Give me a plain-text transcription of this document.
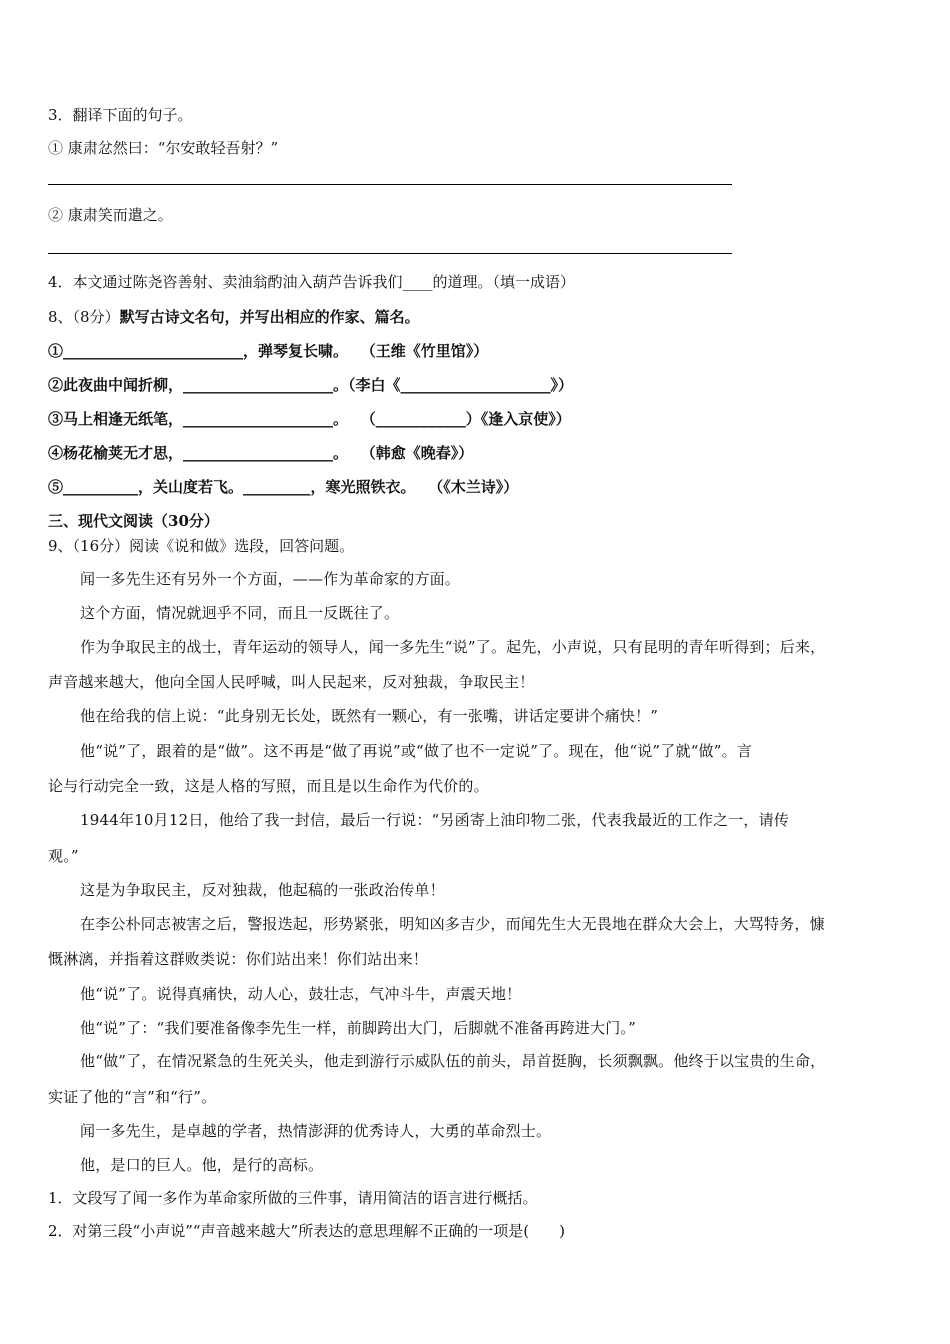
3．翻译下面的句子。
① 康肃忿然曰：“尔安敢轻吾射？”
② 康肃笑而遣之。
4．本文通过陈尧咨善射、卖油翁酌油入葫芦告诉我们____的道理。（填一成语）
8、（8分）默写古诗文名句，并写出相应的作家、篇名。
①________________________，弹琴复长啸。　 （王维《竹里馆》）
②此夜曲中闻折柳，____________________。（李白《____________________》）
③马上相逢无纸笔，____________________。　 （____________）《逢入京使》）
④杨花榆荚无才思，____________________。　 （韩愈《晚春》）
⑤__________，关山度若飞。_________，寒光照铁衣。　 （《木兰诗》）
三、现代文阅读（30分）
9、（16分）阅读《说和做》选段，回答问题。
闻一多先生还有另外一个方面，——作为革命家的方面。
这个方面，情况就迥乎不同，而且一反既往了。
作为争取民主的战士，青年运动的领导人，闻一多先生“说”了。起先，小声说，只有昆明的青年听得到；后来，
声音越来越大，他向全国人民呼喊，叫人民起来，反对独裁，争取民主！
他在给我的信上说：“此身别无长处，既然有一颗心，有一张嘴，讲话定要讲个痛快！”
他“说”了，跟着的是“做”。这不再是“做了再说”或“做了也不一定说”了。现在，他“说”了就“做”。言
论与行动完全一致，这是人格的写照，而且是以生命作为代价的。
1944年10月12日，他给了我一封信，最后一行说：“另函寄上油印物二张，代表我最近的工作之一，请传
观。”
这是为争取民主，反对独裁，他起稿的一张政治传单！
在李公朴同志被害之后，警报迭起，形势紧张，明知凶多吉少，而闻先生大无畏地在群众大会上，大骂特务，慷
慨淋漓，并指着这群败类说：你们站出来！你们站出来！
他“说”了。说得真痛快，动人心，鼓壮志，气冲斗牛，声震天地！
他“说”了：“我们要准备像李先生一样，前脚跨出大门，后脚就不准备再跨进大门。”
他“做”了，在情况紧急的生死关头，他走到游行示威队伍的前头，昂首挺胸，长须飘飘。他终于以宝贵的生命，
实证了他的“言”和“行”。
闻一多先生，是卓越的学者，热情澎湃的优秀诗人，大勇的革命烈士。
他，是口的巨人。他，是行的高标。
1．文段写了闻一多作为革命家所做的三件事，请用简洁的语言进行概括。
2．对第三段“小声说”“声音越来越大”所表达的意思理解不正确的一项是(　　)
